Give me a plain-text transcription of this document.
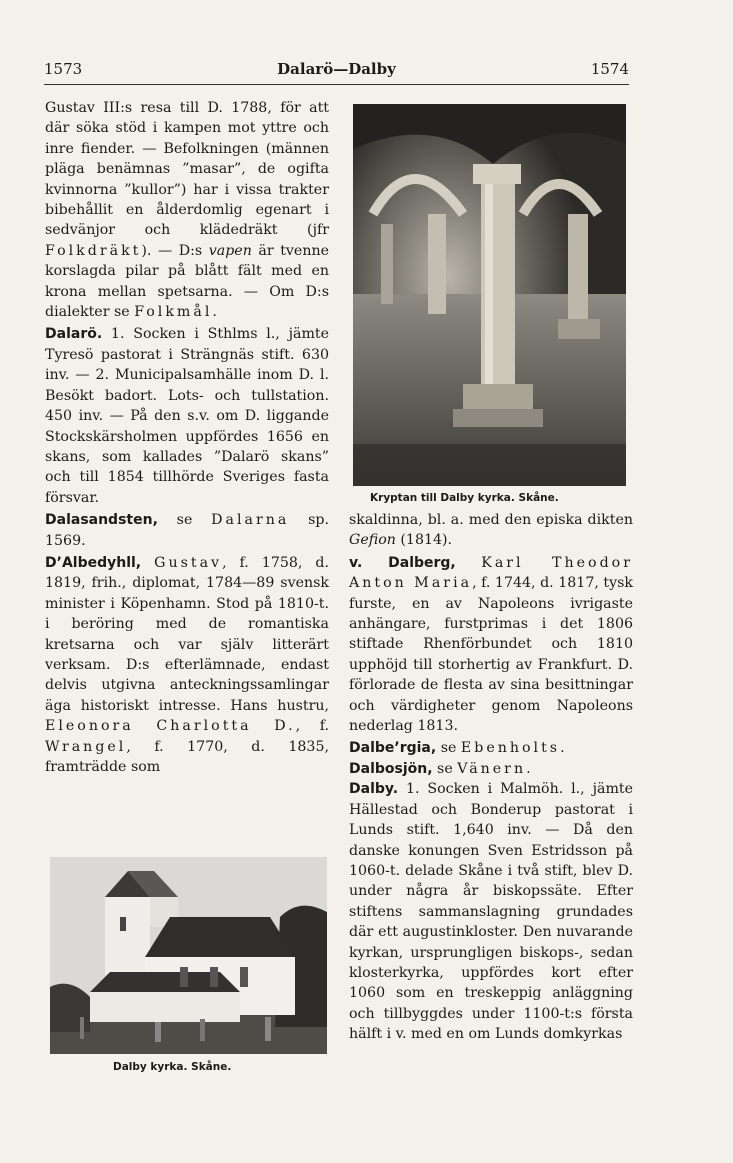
1573	Dalarö—Dalby	1574

Gustav III:s resa till D. 1788, för att där söka stöd i kampen mot yttre och inre fiender. — Befolkningen (männen pläga benämnas ”masar”, de ogifta kvinnorna ”kullor”) har i vissa trakter bibehållit en ålderdomlig egenart i sedvänjor och klädedräkt (jfr Folkdräkt). — D:s vapen är tvenne korslagda pilar på blått fält med en krona mellan spetsarna. — Om D:s dialekter se Folkmål.

Dalarö. 1. Socken i Sthlms l., jämte Tyresö pastorat i Strängnäs stift. 630 inv. — 2. Municipalsamhälle inom D. l. Besökt badort. Lots- och tullstation. 450 inv. — På den s.v. om D. liggande Stockskärsholmen uppfördes 1656 en skans, som kallades ”Dalarö skans” och till 1854 tillhörde Sveriges fasta försvar.

Dalasandsten, se Dalarna sp. 1569.

D’Albedyhll, Gustav, f. 1758, d. 1819, frih., diplomat, 1784—89 svensk minister i Köpenhamn. Stod på 1810-t. i beröring med de romantiska kretsarna och var själv litterärt verksam. D:s efterlämnade, endast delvis utgivna anteckningssamlingar äga historiskt intresse. Hans hustru, Eleonora Charlotta D., f. Wrangel, f. 1770, d. 1835, framträdde som

Kryptan till Dalby kyrka. Skåne.

skaldinna, bl. a. med den episka dikten Gefion (1814).

v. Dalberg, Karl Theodor Anton Maria, f. 1744, d. 1817, tysk furste, en av Napoleons ivrigaste anhängare, furstprimas i det 1806 stiftade Rhenförbundet och 1810 upphöjd till storhertig av Frankfurt. D. förlorade de flesta av sina besittningar och värdigheter genom Napoleons nederlag 1813.

Dalbe’rgia, se Ebenholts.

Dalbosjön, se Vänern.

Dalby. 1. Socken i Malmöh. l., jämte Hällestad och Bonderup pastorat i Lunds stift. 1,640 inv. — Då den danske konungen Sven Estridsson på 1060-t. delade Skåne i två stift, blev D. under några år biskopssäte. Efter stiftens sammanslagning grundades där ett augustinkloster. Den nuvarande kyrkan, ursprungligen biskops-, sedan klosterkyrka, uppfördes kort efter 1060 som en treskeppig anläggning och tillbyggdes under 1100-t:s första hälft i v. med en om Lunds domkyrkas

Dalby kyrka. Skåne.
